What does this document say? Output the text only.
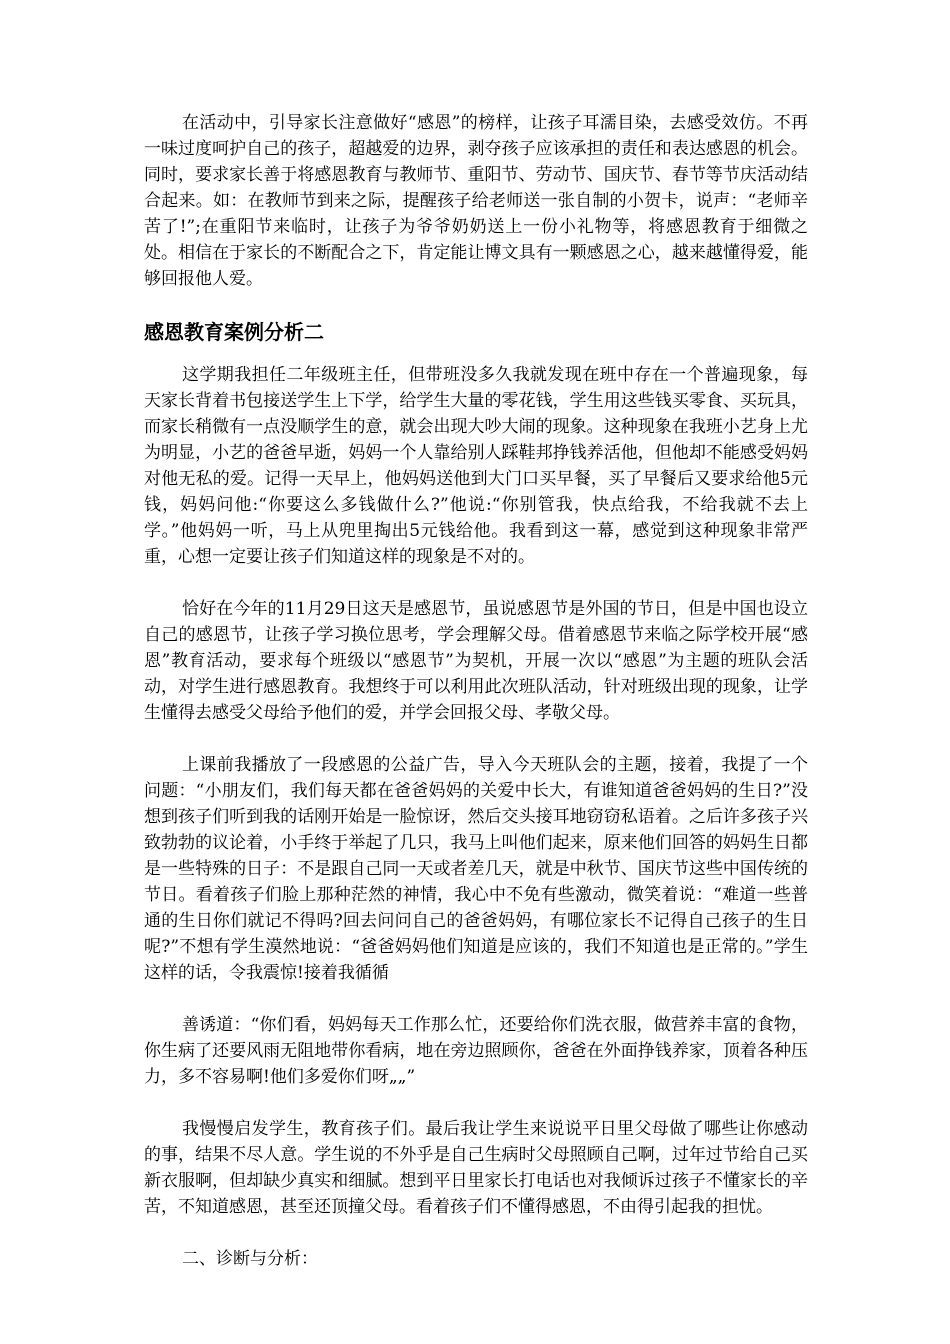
在活动中，引导家长注意做好“感恩”的榜样，让孩子耳濡目染，去感受效仿。不再一味过度呵护自己的孩子，超越爱的边界，剥夺孩子应该承担的责任和表达感恩的机会。同时，要求家长善于将感恩教育与教师节、重阳节、劳动节、国庆节、春节等节庆活动结合起来。如：在教师节到来之际，提醒孩子给老师送一张自制的小贺卡，说声：“老师辛苦了!”;在重阳节来临时，让孩子为爷爷奶奶送上一份小礼物等，将感恩教育于细微之处。相信在于家长的不断配合之下，肯定能让博文具有一颗感恩之心，越来越懂得爱，能够回报他人爱。

感恩教育案例分析二

这学期我担任二年级班主任，但带班没多久我就发现在班中存在一个普遍现象，每天家长背着书包接送学生上下学，给学生大量的零花钱，学生用这些钱买零食、买玩具，而家长稍微有一点没顺学生的意，就会出现大吵大闹的现象。这种现象在我班小艺身上尤为明显，小艺的爸爸早逝，妈妈一个人靠给别人踩鞋邦挣钱养活他，但他却不能感受妈妈对他无私的爱。记得一天早上，他妈妈送他到大门口买早餐，买了早餐后又要求给他5元钱，妈妈问他:“你要这么多钱做什么?”他说:“你别管我，快点给我，不给我就不去上学。”他妈妈一听，马上从兜里掏出5元钱给他。我看到这一幕，感觉到这种现象非常严重，心想一定要让孩子们知道这样的现象是不对的。

恰好在今年的11月29日这天是感恩节，虽说感恩节是外国的节日，但是中国也设立自己的感恩节，让孩子学习换位思考，学会理解父母。借着感恩节来临之际学校开展“感恩”教育活动，要求每个班级以“感恩节”为契机，开展一次以“感恩”为主题的班队会活动，对学生进行感恩教育。我想终于可以利用此次班队活动，针对班级出现的现象，让学生懂得去感受父母给予他们的爱，并学会回报父母、孝敬父母。

上课前我播放了一段感恩的公益广告，导入今天班队会的主题，接着，我提了一个问题：“小朋友们，我们每天都在爸爸妈妈的关爱中长大，有谁知道爸爸妈妈的生日?”没想到孩子们听到我的话刚开始是一脸惊讶，然后交头接耳地窃窃私语着。之后许多孩子兴致勃勃的议论着，小手终于举起了几只，我马上叫他们起来，原来他们回答的妈妈生日都是一些特殊的日子：不是跟自己同一天或者差几天，就是中秋节、国庆节这些中国传统的节日。看着孩子们脸上那种茫然的神情，我心中不免有些激动，微笑着说：“难道一些普通的生日你们就记不得吗?回去问问自己的爸爸妈妈，有哪位家长不记得自己孩子的生日呢?”不想有学生漠然地说：“爸爸妈妈他们知道是应该的，我们不知道也是正常的。”学生这样的话，令我震惊!接着我循循

善诱道：“你们看，妈妈每天工作那么忙，还要给你们洗衣服，做营养丰富的食物，你生病了还要风雨无阻地带你看病，地在旁边照顾你，爸爸在外面挣钱养家，顶着各种压力，多不容易啊!他们多爱你们呀„„”

我慢慢启发学生，教育孩子们。最后我让学生来说说平日里父母做了哪些让你感动的事，结果不尽人意。学生说的不外乎是自己生病时父母照顾自己啊，过年过节给自己买新衣服啊，但却缺少真实和细腻。想到平日里家长打电话也对我倾诉过孩子不懂家长的辛苦，不知道感恩，甚至还顶撞父母。看着孩子们不懂得感恩，不由得引起我的担忧。

二、诊断与分析：
